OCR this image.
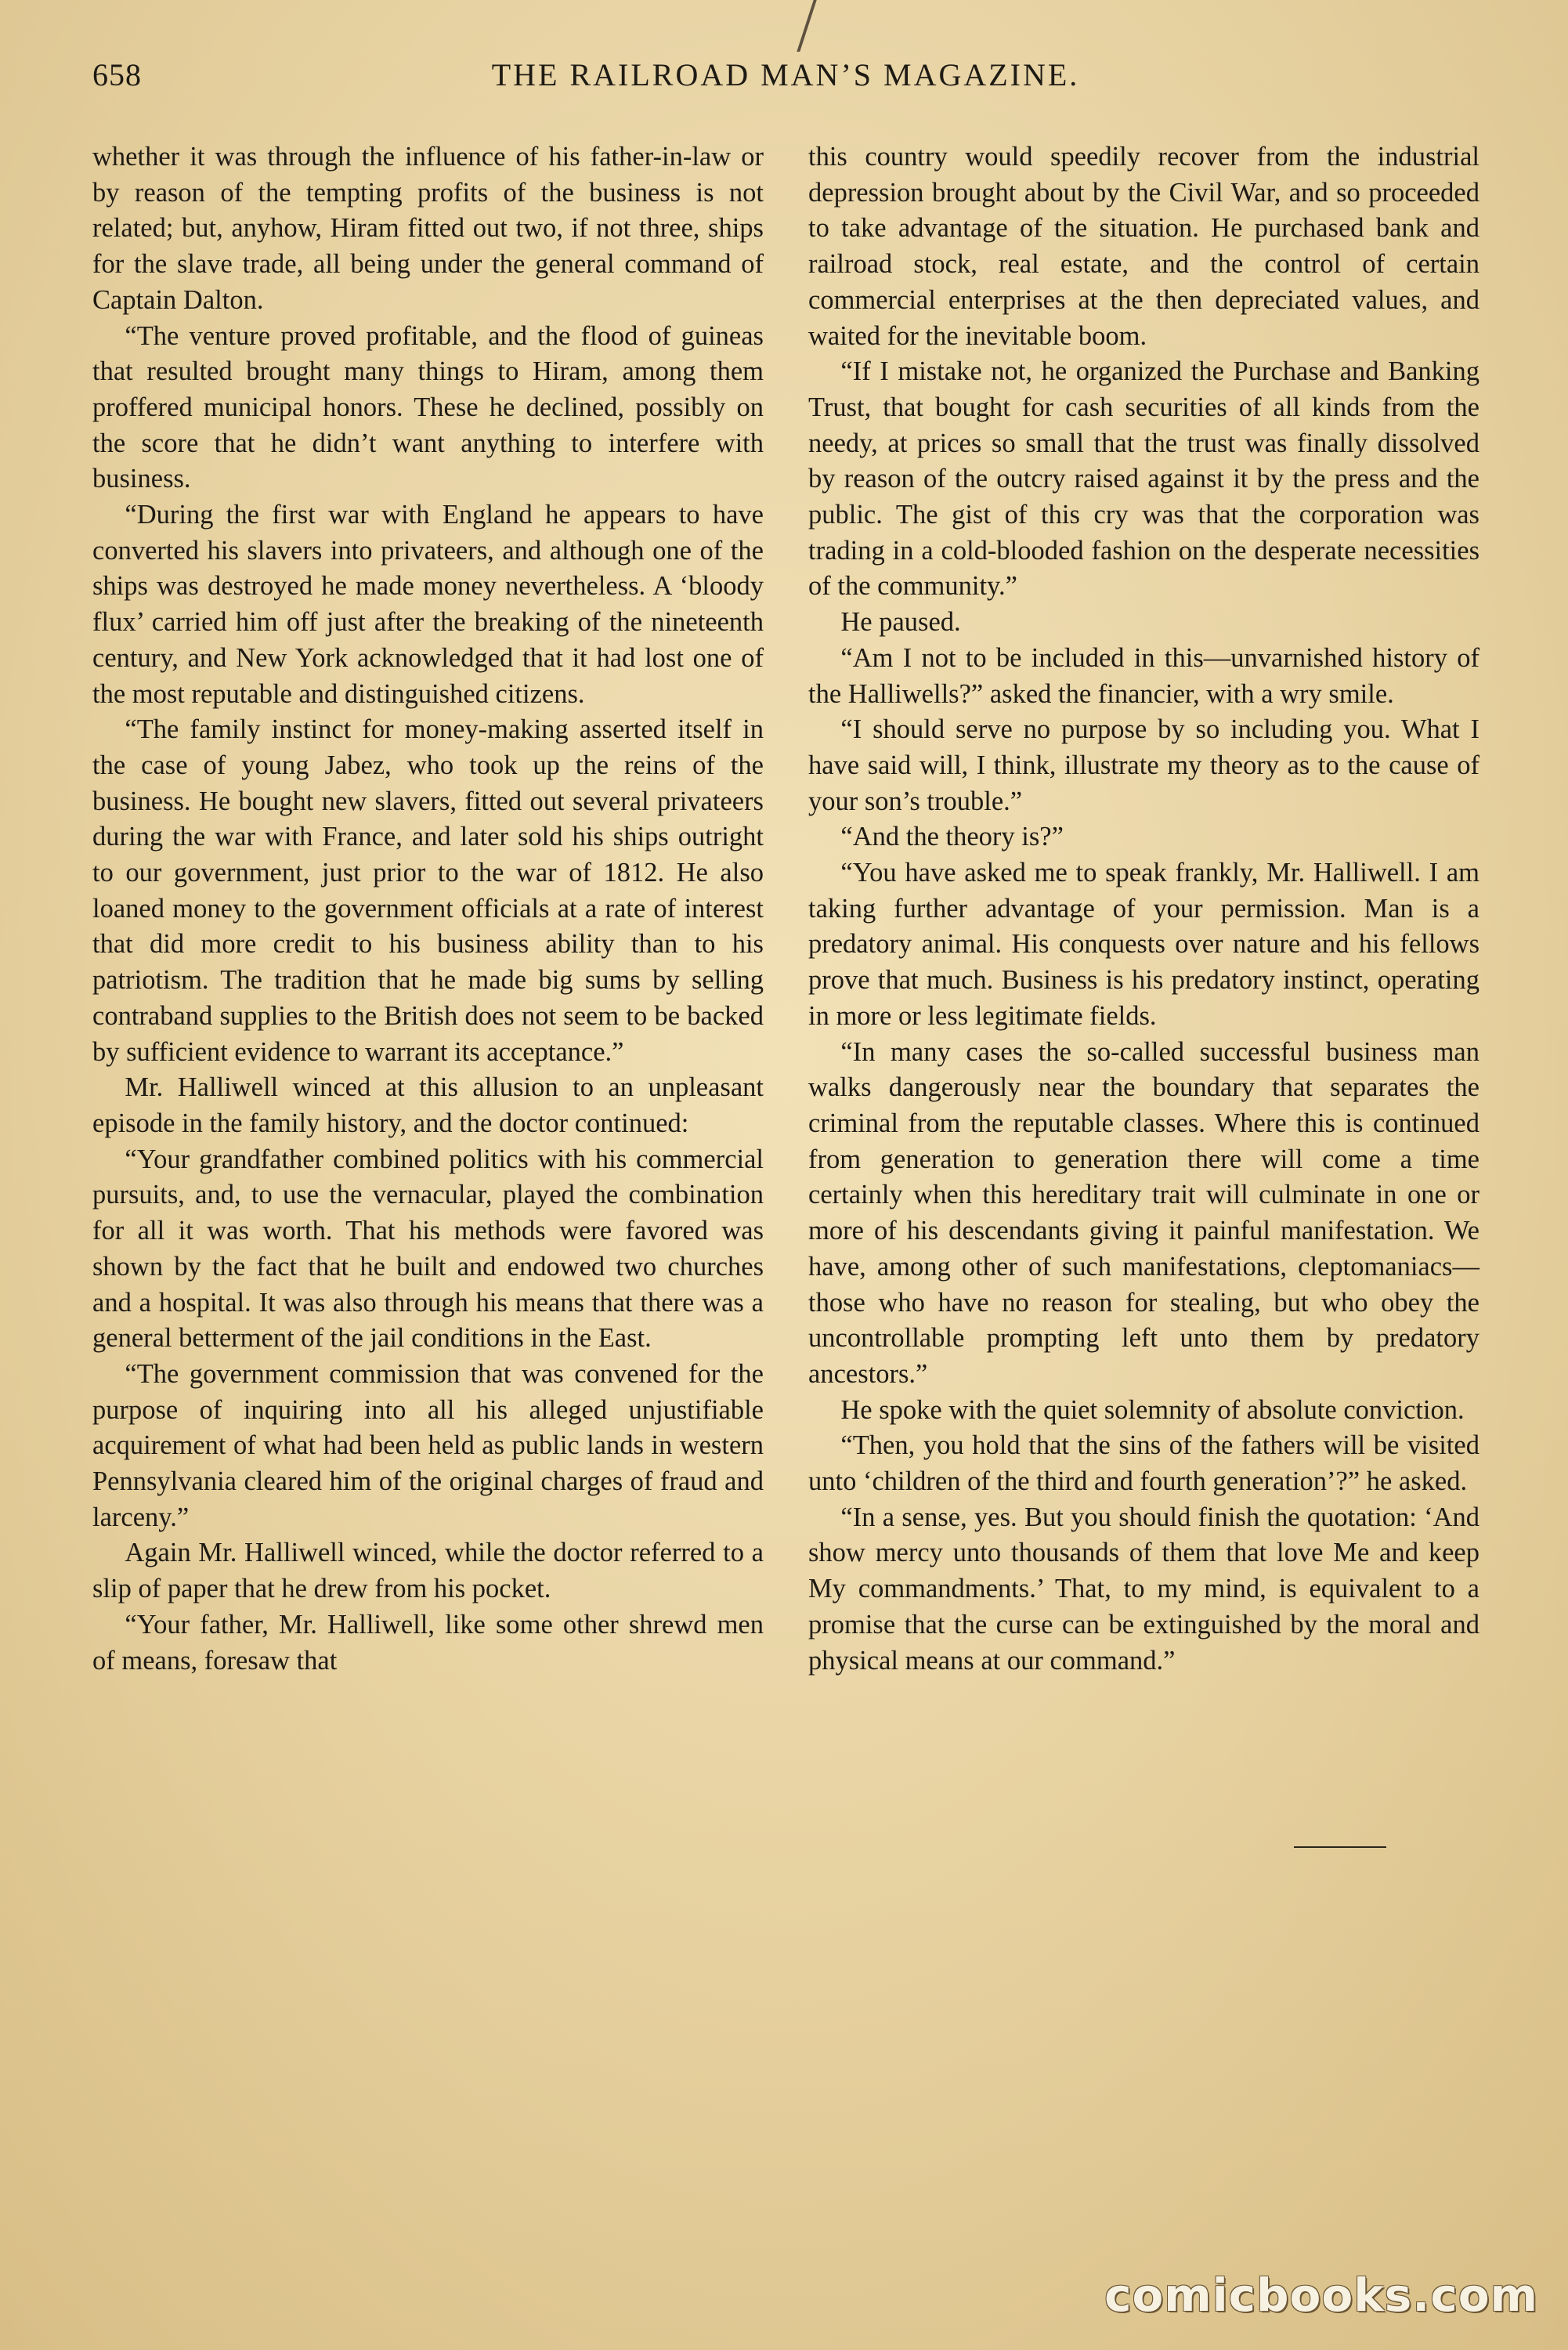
658	THE RAILROAD MAN’S MAGAZINE.

whether it was through the influence of his father-in-law or by reason of the tempting profits of the business is not related; but, anyhow, Hiram fitted out two, if not three, ships for the slave trade, all being under the general command of Captain Dalton.

“The venture proved profitable, and the flood of guineas that resulted brought many things to Hiram, among them proffered municipal honors. These he declined, possibly on the score that he didn’t want anything to interfere with business.

“During the first war with England he appears to have converted his slavers into privateers, and although one of the ships was destroyed he made money nevertheless. A ‘bloody flux’ carried him off just after the breaking of the nineteenth century, and New York acknowledged that it had lost one of the most reputable and distinguished citizens.

“The family instinct for money-making asserted itself in the case of young Jabez, who took up the reins of the business. He bought new slavers, fitted out several privateers during the war with France, and later sold his ships outright to our government, just prior to the war of 1812. He also loaned money to the government officials at a rate of interest that did more credit to his business ability than to his patriotism. The tradition that he made big sums by selling contraband supplies to the British does not seem to be backed by sufficient evidence to warrant its acceptance.”

Mr. Halliwell winced at this allusion to an unpleasant episode in the family history, and the doctor continued:

“Your grandfather combined politics with his commercial pursuits, and, to use the vernacular, played the combination for all it was worth. That his methods were favored was shown by the fact that he built and endowed two churches and a hospital. It was also through his means that there was a general betterment of the jail conditions in the East.

“The government commission that was convened for the purpose of inquiring into all his alleged unjustifiable acquirement of what had been held as public lands in western Pennsylvania cleared him of the original charges of fraud and larceny.”

Again Mr. Halliwell winced, while the doctor referred to a slip of paper that he drew from his pocket.

“Your father, Mr. Halliwell, like some other shrewd men of means, foresaw that

this country would speedily recover from the industrial depression brought about by the Civil War, and so proceeded to take advantage of the situation. He purchased bank and railroad stock, real estate, and the control of certain commercial enterprises at the then depreciated values, and waited for the inevitable boom.

“If I mistake not, he organized the Purchase and Banking Trust, that bought for cash securities of all kinds from the needy, at prices so small that the trust was finally dissolved by reason of the outcry raised against it by the press and the public. The gist of this cry was that the corporation was trading in a cold-blooded fashion on the desperate necessities of the community.”

He paused.

“Am I not to be included in this—unvarnished history of the Halliwells?” asked the financier, with a wry smile.

“I should serve no purpose by so including you. What I have said will, I think, illustrate my theory as to the cause of your son’s trouble.”

“And the theory is?”

“You have asked me to speak frankly, Mr. Halliwell. I am taking further advantage of your permission. Man is a predatory animal. His conquests over nature and his fellows prove that much. Business is his predatory instinct, operating in more or less legitimate fields.

“In many cases the so-called successful business man walks dangerously near the boundary that separates the criminal from the reputable classes. Where this is continued from generation to generation there will come a time certainly when this hereditary trait will culminate in one or more of his descendants giving it painful manifestation. We have, among other of such manifestations, cleptomaniacs—those who have no reason for stealing, but who obey the uncontrollable prompting left unto them by predatory ancestors.”

He spoke with the quiet solemnity of absolute conviction.

“Then, you hold that the sins of the fathers will be visited unto ‘children of the third and fourth generation’?” he asked.

“In a sense, yes. But you should finish the quotation: ‘And show mercy unto thousands of them that love Me and keep My commandments.’ That, to my mind, is equivalent to a promise that the curse can be extinguished by the moral and physical means at our command.”

comicbooks.com
